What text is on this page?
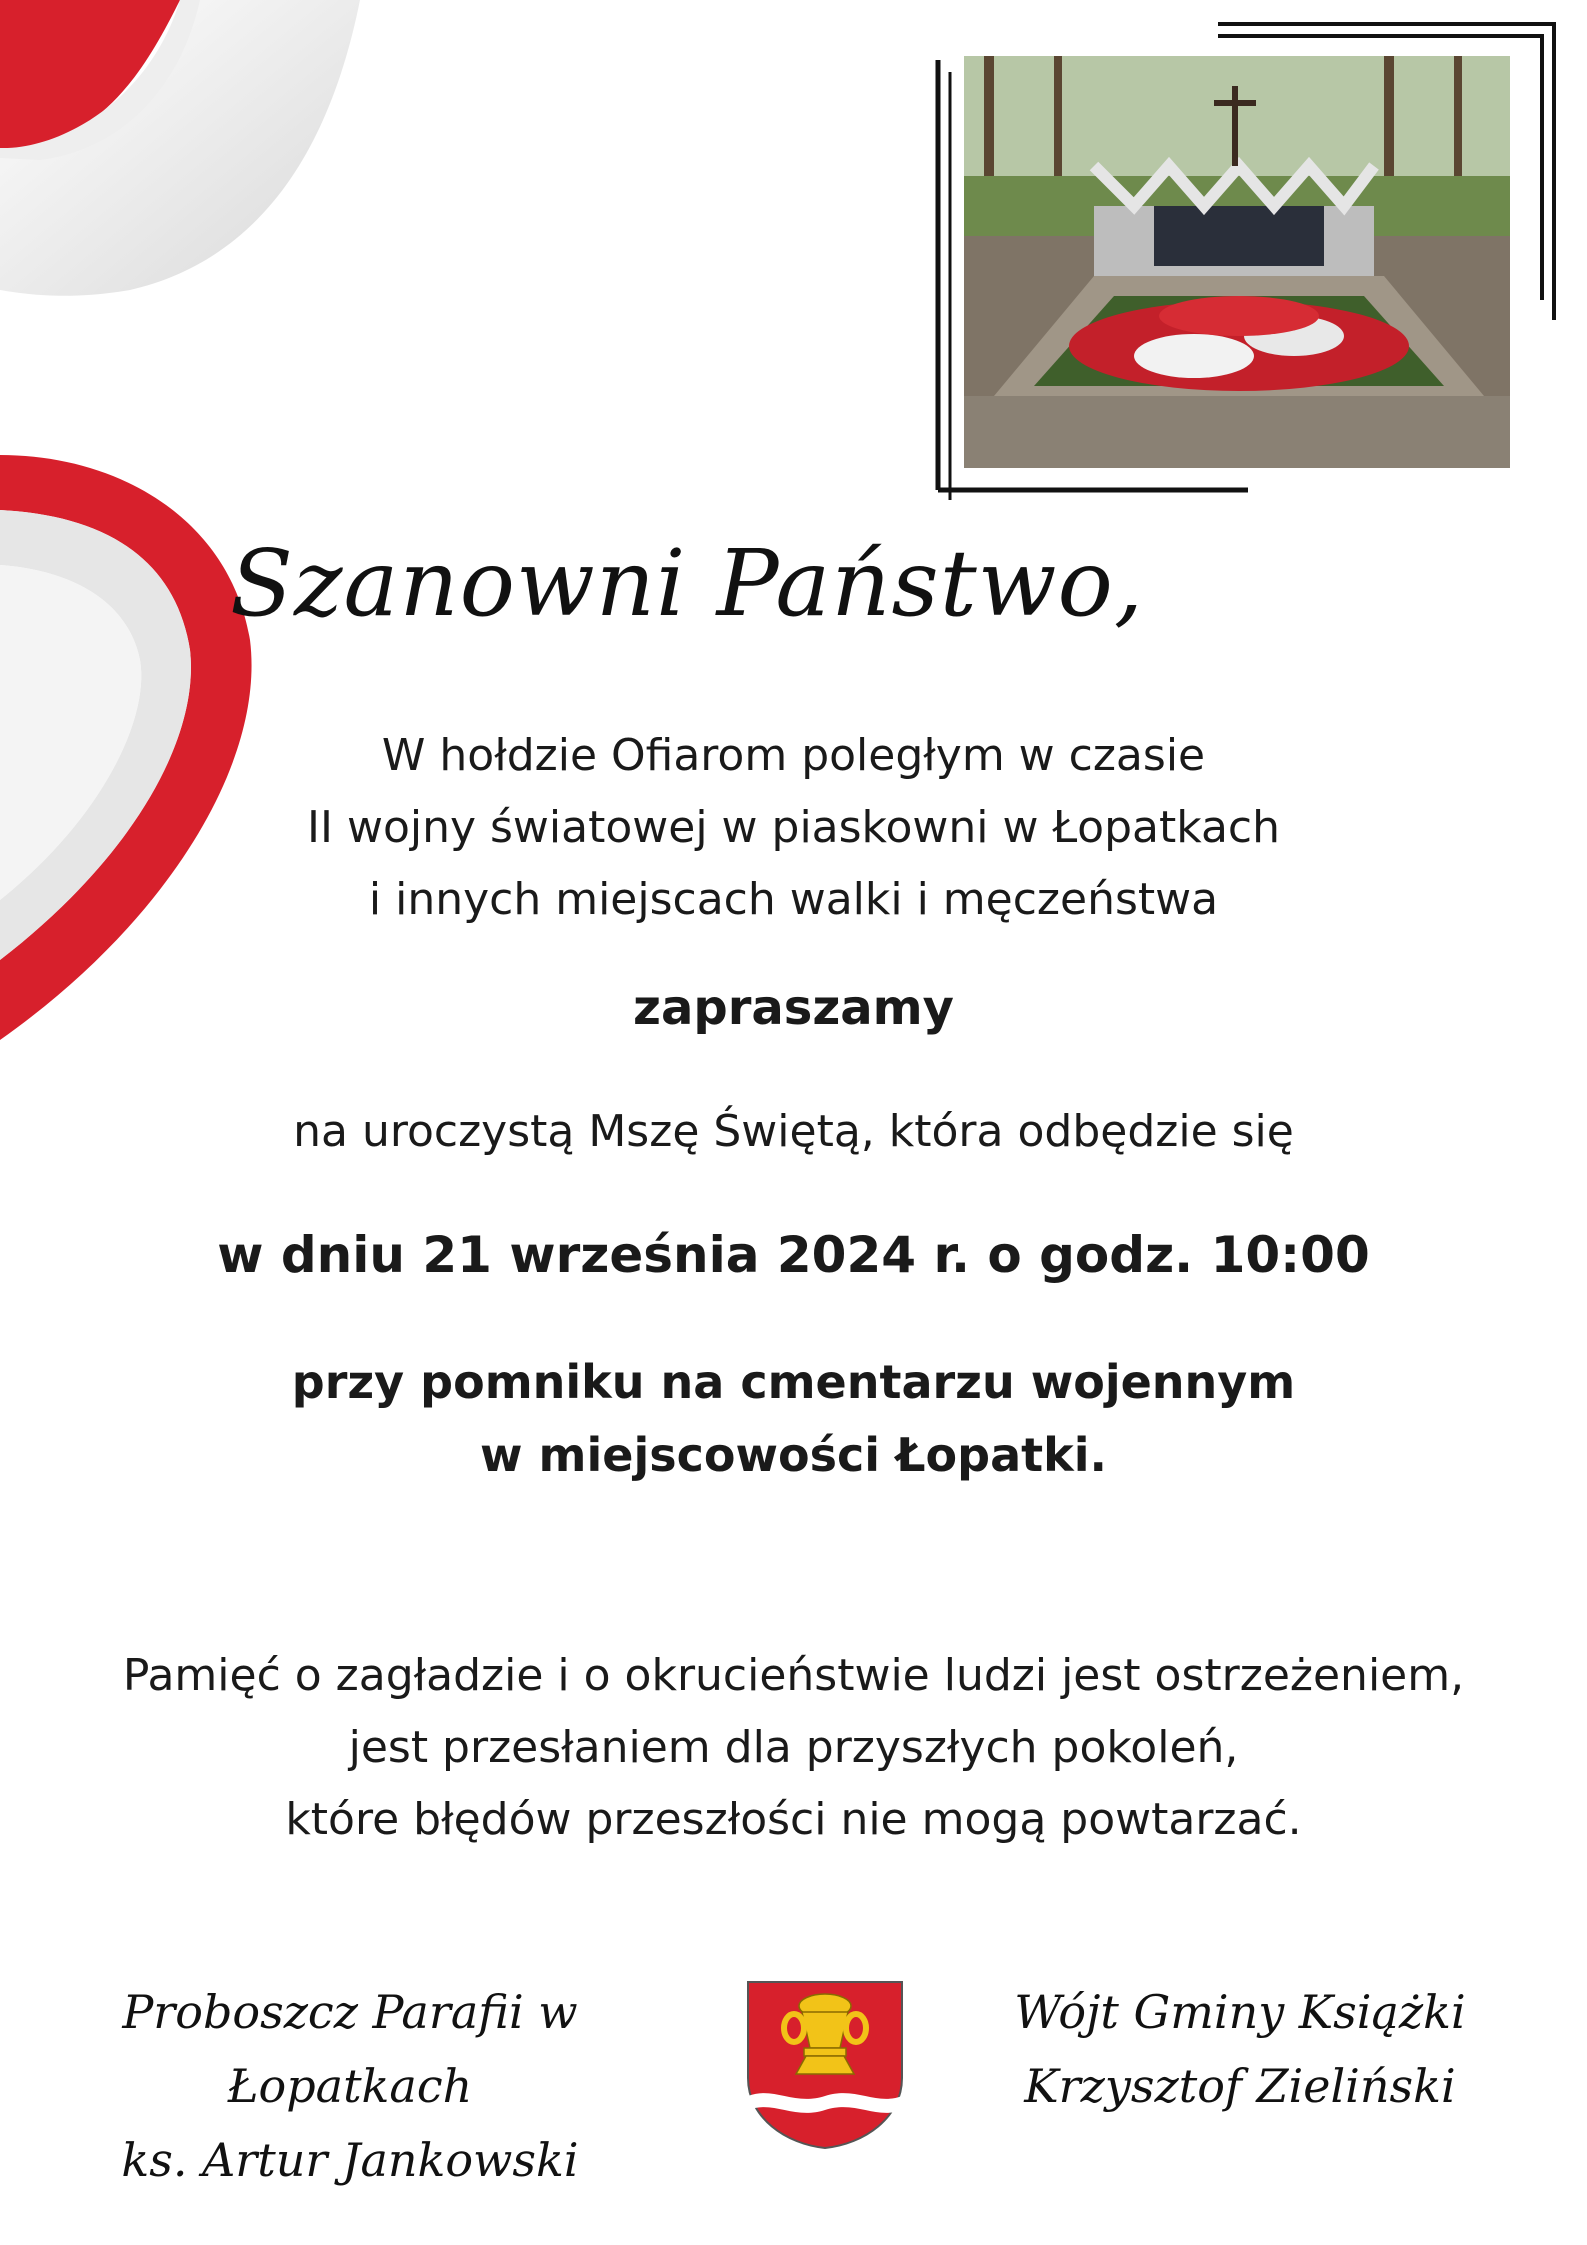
Szanowni Państwo,
W hołdzie Ofiarom poległym w czasie
II wojny światowej w piaskowni w Łopatkach
i innych miejscach walki i męczeństwa
zapraszamy
na uroczystą Mszę Świętą, która odbędzie się
w dniu 21 września 2024 r. o godz. 10:00
przy pomniku na cmentarzu wojennym
w miejscowości Łopatki.
Pamięć o zagładzie i o okrucieństwie ludzi jest ostrzeżeniem,
jest przesłaniem dla przyszłych pokoleń,
które błędów przeszłości nie mogą powtarzać.
Proboszcz Parafii w Łopatkach
ks. Artur Jankowski
Wójt Gminy Książki
Krzysztof Zieliński
